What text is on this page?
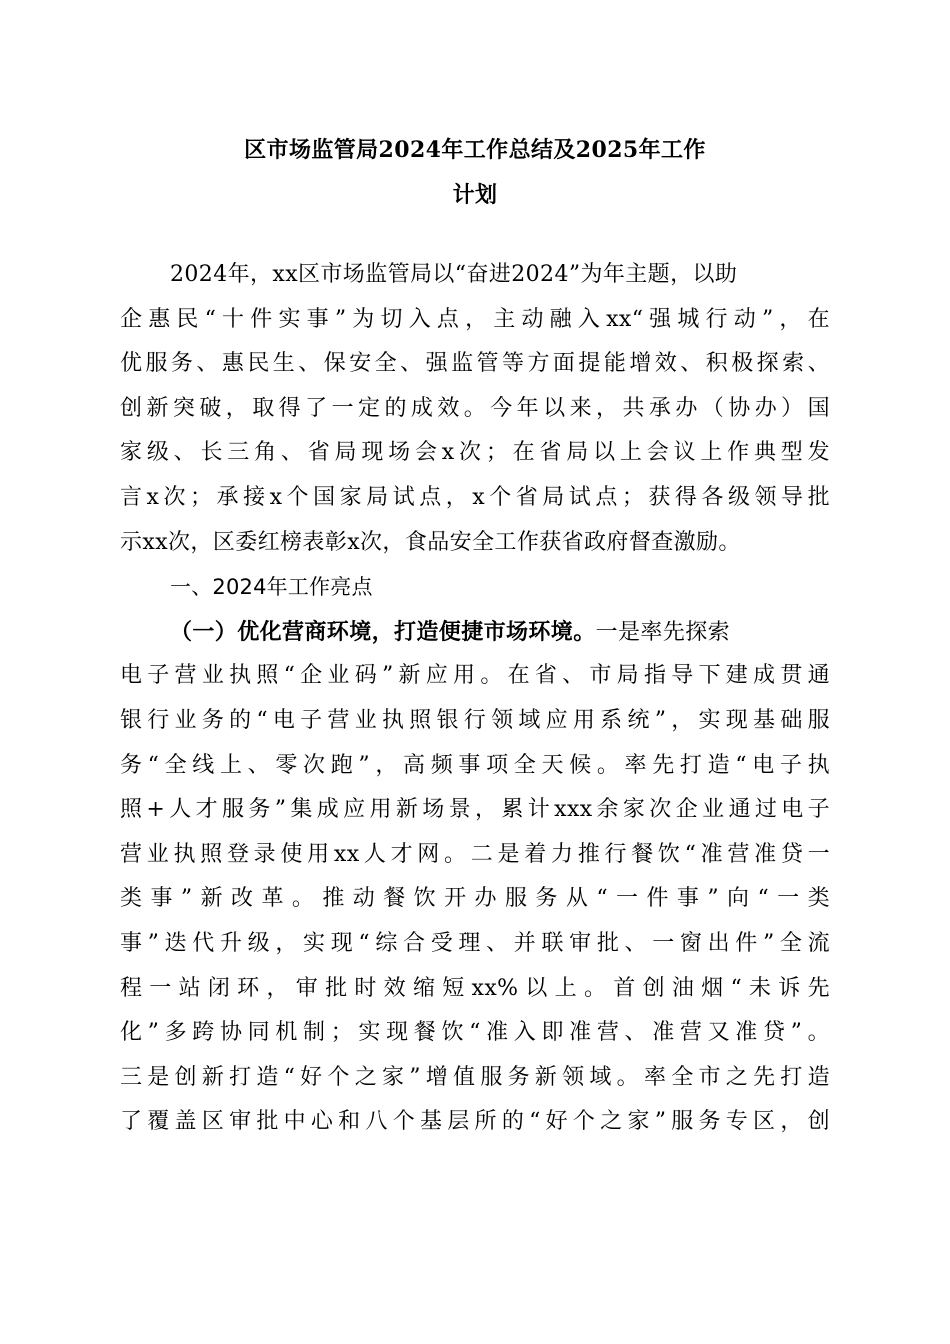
区市场监管局2024年工作总结及2025年工作
计划
2024年，xx区市场监管局以“奋进2024”为年主题，以助
企惠民“十件实事”为切入点，主动融入xx“强城行动”，在
优服务、惠民生、保安全、强监管等方面提能增效、积极探索、
创新突破，取得了一定的成效。今年以来，共承办（协办）国
家级、长三角、省局现场会x次；在省局以上会议上作典型发
言x次；承接x个国家局试点，x个省局试点；获得各级领导批
示xx次，区委红榜表彰x次，食品安全工作获省政府督查激励。
一、2024年工作亮点
（一）优化营商环境，打造便捷市场环境。一是率先探索
电子营业执照“企业码”新应用。在省、市局指导下建成贯通
银行业务的“电子营业执照银行领域应用系统”，实现基础服
务“全线上、零次跑”，高频事项全天候。率先打造“电子执
照+人才服务”集成应用新场景，累计xxx余家次企业通过电子
营业执照登录使用xx人才网。二是着力推行餐饮“准营准贷一
类事”新改革。推动餐饮开办服务从“一件事”向“一类
事”迭代升级，实现“综合受理、并联审批、一窗出件”全流
程一站闭环，审批时效缩短xx%以上。首创油烟“未诉先
化”多跨协同机制；实现餐饮“准入即准营、准营又准贷”。
三是创新打造“好个之家”增值服务新领域。率全市之先打造
了覆盖区审批中心和八个基层所的“好个之家”服务专区，创
